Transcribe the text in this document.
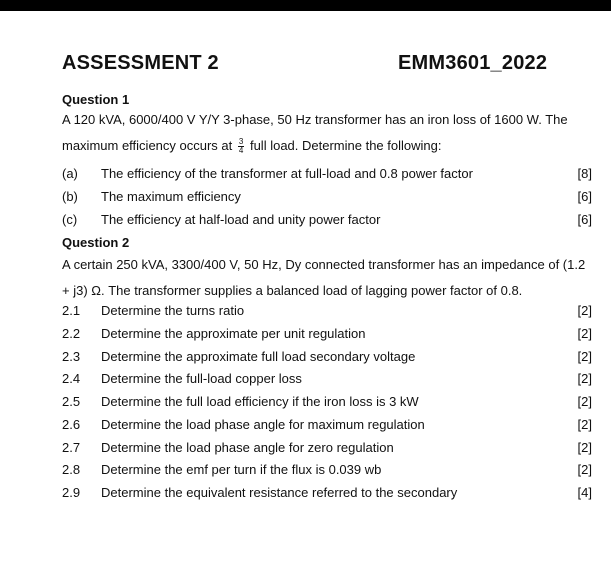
ASSESSMENT 2	EMM3601_2022
Question 1
A 120 kVA, 6000/400 V Y/Y 3-phase, 50 Hz transformer has an iron loss of 1600 W. The
maximum efficiency occurs at $\frac{3}{4}$ full load. Determine the following:
(a) The efficiency of the transformer at full-load and 0.8 power factor	[8]
(b) The maximum efficiency	[6]
(c) The efficiency at half-load and unity power factor	[6]
Question 2
A certain 250 kVA, 3300/400 V, 50 Hz, Dy connected transformer has an impedance of (1.2
+ j3) Ω. The transformer supplies a balanced load of lagging power factor of 0.8.
2.1 Determine the turns ratio	[2]
2.2 Determine the approximate per unit regulation	[2]
2.3 Determine the approximate full load secondary voltage	[2]
2.4 Determine the full-load copper loss	[2]
2.5 Determine the full load efficiency if the iron loss is 3 kW	[2]
2.6 Determine the load phase angle for maximum regulation	[2]
2.7 Determine the load phase angle for zero regulation	[2]
2.8 Determine the emf per turn if the flux is 0.039 wb	[2]
2.9 Determine the equivalent resistance referred to the secondary	[4]
